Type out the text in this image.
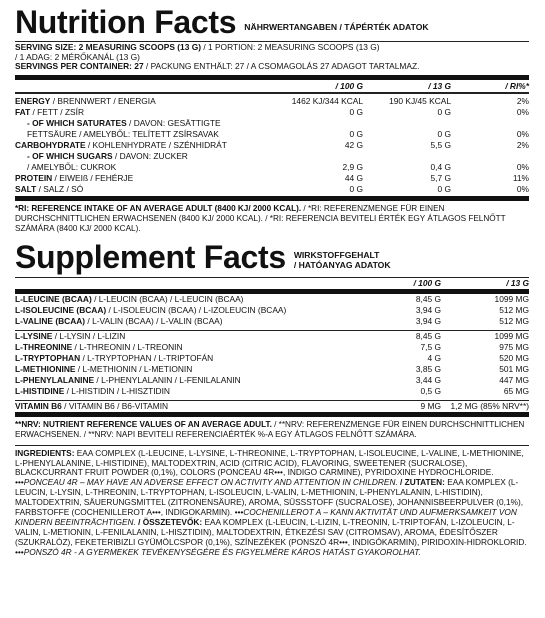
Nutrition Facts NÄHRWERTANGABEN / TÁPÉRTÉK ADATOK
SERVING SIZE: 2 MEASURING SCOOPS (13 G) / 1 PORTION: 2 MEASURING SCOOPS (13 G)
/ 1 ADAG: 2 MÉRŐKANÁL (13 G)
SERVINGS PER CONTAINER: 27 / PACKUNG ENTHÄLT: 27 / A CSOMAGOLÁS 27 ADAGOT TARTALMAZ.
/ 100 G	/ 13 G	/ RI%*
ENERGY / BRENNWERT / ENERGIA	1462 KJ/344 KCAL	190 KJ/45 KCAL	2%
FAT / FETT / ZSÍR	0 G	0 G	0%
- OF WHICH SATURATES / DAVON: GESÄTTIGTE
FETTSÄURE / AMELYBŐL: TELÍTETT ZSÍRSAVAK	0 G	0 G	0%
CARBOHYDRATE / KOHLENHYDRATE / SZÉNHIDRÁT	42 G	5,5 G	2%
- OF WHICH SUGARS / DAVON: ZUCKER
/ AMELYBŐL: CUKROK	2,9 G	0,4 G	0%
PROTEIN / EIWEIß / FEHÉRJE	44 G	5,7 G	11%
SALT / SALZ / SÓ	0 G	0 G	0%
*RI: REFERENCE INTAKE OF AN AVERAGE ADULT (8400 KJ/ 2000 KCAL). / *RI: REFERENZMENGE FÜR EINEN DURCHSCHNITTLICHEN ERWACHSENEN (8400 KJ/ 2000 KCAL). / *RI: REFERENCIA BEVITELI ÉRTÉK EGY ÁTLAGOS FELNŐTT SZÁMÁRA (8400 KJ/ 2000 KCAL).
Supplement Facts WIRKSTOFFGEHALT
/ HATÓANYAG ADATOK
/ 100 G	/ 13 G
L-LEUCINE (BCAA) / L-LEUCIN (BCAA) / L-LEUCIN (BCAA)	8,45 G	1099 MG
L-ISOLEUCINE (BCAA) / L-ISOLEUCIN (BCAA) / L-IZOLEUCIN (BCAA)	3,94 G	512 MG
L-VALINE (BCAA) / L-VALIN (BCAA) / L-VALIN (BCAA)	3,94 G	512 MG
L-LYSINE / L-LYSIN / L-LIZIN	8,45 G	1099 MG
L-THREONINE / L-THREONIN / L-TREONIN	7,5 G	975 MG
L-TRYPTOPHAN / L-TRYPTOPHAN / L-TRIPTOFÁN	4 G	520 MG
L-METHIONINE / L-METHIONIN / L-METIONIN	3,85 G	501 MG
L-PHENYLALANINE / L-PHENYLALANIN / L-FENILALANIN	3,44 G	447 MG
L-HISTIDINE / L-HISTIDIN / L-HISZTIDIN	0,5 G	65 MG
VITAMIN B6 / VITAMIN B6 / B6-VITAMIN	9 MG	1,2 MG (85% NRV**)
**NRV: NUTRIENT REFERENCE VALUES OF AN AVERAGE ADULT. / **NRV: REFERENZMENGE FÜR EINEN DURCHSCHNITTLICHEN ERWACHSENEN. / **NRV: NAPI BEVITELI REFERENCIAÉRTÉK %-A EGY ÁTLAGOS FELNŐTT SZÁMÁRA.
INGREDIENTS: EAA COMPLEX (L-LEUCINE, L-LYSINE, L-THREONINE, L-TRYPTOPHAN, L-ISOLEUCINE, L-VALINE, L-METHIONINE, L-PHENYLALANINE, L-HISTIDINE), MALTODEXTRIN, ACID (CITRIC ACID), FLAVORING, SWEETENER (SUCRALOSE), BLACKCURRANT FRUIT POWDER (0,1%), COLORS (PONCEAU 4R•••, INDIGO CARMINE), PYRIDOXINE HYDROCHLORIDE. •••PONCEAU 4R – MAY HAVE AN ADVERSE EFFECT ON ACTIVITY AND ATTENTION IN CHILDREN. / ZUTATEN: EAA KOMPLEX (L-LEUCIN, L-LYSIN, L-THREONIN, L-TRYPTOPHAN, L-ISOLEUCIN, L-VALIN, L-METHIONIN, L-PHENYLALANIN, L-HISTIDIN), MALTODEXTRIN, SÄUERUNGSMITTEL (ZITRONENSÄURE), AROMA, SÜSSSTOFF (SUCRALOSE), JOHANNISBEERPULVER (0,1%), FARBSTOFFE (COCHENILLEROT A•••, INDIGOKARMIN). •••COCHENILLEROT A – KANN AKTIVITÄT UND AUFMERKSAMKEIT VON KINDERN BEEINTRÄCHTIGEN. / ÖSSZETEVŐK: EAA KOMPLEX (L-LEUCIN, L-LIZIN, L-TREONIN, L-TRIPTOFÁN, L-IZOLEUCIN, L-VALIN, L-METIONIN, L-FENILALANIN, L-HISZTIDIN), MALTODEXTRIN, ÉTKEZÉSI SAV (CITROMSAV), AROMA, ÉDESÍTŐSZER (SZUKRALÓZ), FEKETERIBIZLI GYÜMÖLCSPOR (0,1%), SZÍNEZÉKEK (PONSZÓ 4R•••, INDIGÓKARMIN), PIRIDOXIN-HIDROKLORID. •••PONSZÓ 4R - A GYERMEKEK TEVÉKENYSÉGÉRE ÉS FIGYELMÉRE KÁROS HATÁST GYAKOROLHAT.
